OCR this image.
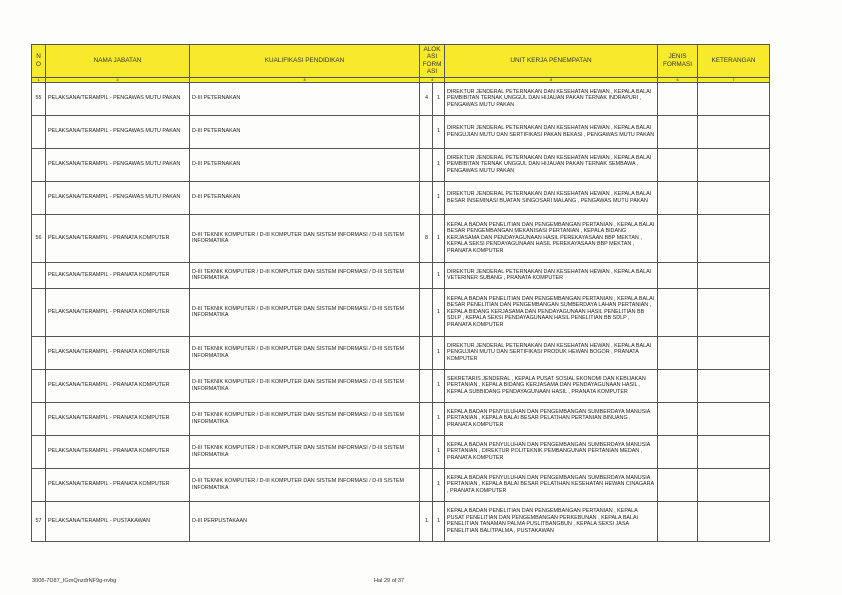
NO	NAMA JABATAN	KUALIFIKASI PENDIDIKAN	ALOKASI FORMASI		UNIT KERJA PENEMPATAN	JENIS FORMASI	KETERANGAN
1	2	3	4		5	6	7
55	PELAKSANA/TERAMPIL - PENGAWAS MUTU PAKAN	D-III PETERNAKAN	4	1	DIREKTUR JENDERAL PETERNAKAN DAN KESEHATAN HEWAN , KEPALA BALAI PEMBIBITAN TERNAK UNGGUL DAN HIJAUAN PAKAN TERNAK INDRAPURI , PENGAWAS MUTU PAKAN		
	PELAKSANA/TERAMPIL - PENGAWAS MUTU PAKAN	D-III PETERNAKAN		1	DIREKTUR JENDERAL PETERNAKAN DAN KESEHATAN HEWAN , KEPALA BALAI PENGUJIAN MUTU DAN SERTIFIKASI PAKAN BEKASI , PENGAWAS MUTU PAKAN		
	PELAKSANA/TERAMPIL - PENGAWAS MUTU PAKAN	D-III PETERNAKAN		1	DIREKTUR JENDERAL PETERNAKAN DAN KESEHATAN HEWAN , KEPALA BALAI PEMBIBITAN TERNAK UNGGUL DAN HIJAUAN PAKAN TERNAK SEMBAWA , PENGAWAS MUTU PAKAN		
	PELAKSANA/TERAMPIL - PENGAWAS MUTU PAKAN	D-III PETERNAKAN		1	DIREKTUR JENDERAL PETERNAKAN DAN KESEHATAN HEWAN , KEPALA BALAI BESAR INSEMINASI BUATAN SINGOSARI MALANG , PENGAWAS MUTU PAKAN		
56	PELAKSANA/TERAMPIL - PRANATA KOMPUTER	D-III TEKNIK KOMPUTER / D-III KOMPUTER DAN SISTEM INFORMASI / D-III SISTEM INFORMATIKA	8	1	KEPALA BADAN PENELITIAN DAN PENGEMBANGAN PERTANIAN , KEPALA BALAI BESAR PENGEMBANGAN MEKANISASI PERTANIAN , KEPALA BIDANG KERJASAMA DAN PENDAYAGUNAAN HASIL PEREKAYASAAN BBP MEKTAN , KEPALA SEKSI PENDAYAGUNAAN HASIL PEREKAYASAAN BBP MEKTAN , PRANATA KOMPUTER		
	PELAKSANA/TERAMPIL - PRANATA KOMPUTER	D-III TEKNIK KOMPUTER / D-III KOMPUTER DAN SISTEM INFORMASI / D-III SISTEM INFORMATIKA		1	DIREKTUR JENDERAL PETERNAKAN DAN KESEHATAN HEWAN , KEPALA BALAI VETERINER SUBANG , PRANATA KOMPUTER		
	PELAKSANA/TERAMPIL - PRANATA KOMPUTER	D-III TEKNIK KOMPUTER / D-III KOMPUTER DAN SISTEM INFORMASI / D-III SISTEM INFORMATIKA		1	KEPALA BADAN PENELITIAN DAN PENGEMBANGAN PERTANIAN , KEPALA BALAI BESAR PENELITIAN DAN PENGEMBANGAN SUMBERDAYA LAHAN PERTANIAN , KEPALA BIDANG KERJASAMA DAN PENDAYAGUNAAN HASIL PENELITIAN BB SDLP , KEPALA SEKSI PENDAYAGUNAAN HASIL PENELITIAN BB SDLP , PRANATA KOMPUTER		
	PELAKSANA/TERAMPIL - PRANATA KOMPUTER	D-III TEKNIK KOMPUTER / D-III KOMPUTER DAN SISTEM INFORMASI / D-III SISTEM INFORMATIKA		1	DIREKTUR JENDERAL PETERNAKAN DAN KESEHATAN HEWAN , KEPALA BALAI PENGUJIAN MUTU DAN SERTIFIKASI PRODUK HEWAN BOGOR , PRANATA KOMPUTER		
	PELAKSANA/TERAMPIL - PRANATA KOMPUTER	D-III TEKNIK KOMPUTER / D-III KOMPUTER DAN SISTEM INFORMASI / D-III SISTEM INFORMATIKA		1	SEKRETARIS JENDERAL , KEPALA PUSAT SOSIAL EKONOMI DAN KEBIJAKAN PERTANIAN , KEPALA BIDANG KERJASAMA DAN PENDAYAGUNAAN HASIL , KEPALA SUBBIDANG PENDAYAGUNAAN HASIL , PRANATA KOMPUTER		
	PELAKSANA/TERAMPIL - PRANATA KOMPUTER	D-III TEKNIK KOMPUTER / D-III KOMPUTER DAN SISTEM INFORMASI / D-III SISTEM INFORMATIKA		1	KEPALA BADAN PENYULUHAN DAN PENGEMBANGAN SUMBERDAYA MANUSIA PERTANIAN , KEPALA BALAI BESAR PELATIHAN PERTANIAN BINUANG , PRANATA KOMPUTER		
	PELAKSANA/TERAMPIL - PRANATA KOMPUTER	D-III TEKNIK KOMPUTER / D-III KOMPUTER DAN SISTEM INFORMASI / D-III SISTEM INFORMATIKA		1	KEPALA BADAN PENYULUHAN DAN PENGEMBANGAN SUMBERDAYA MANUSIA PERTANIAN , DIREKTUR POLITEKNIK PEMBANGUNAN PERTANIAN MEDAN , PRANATA KOMPUTER		
	PELAKSANA/TERAMPIL - PRANATA KOMPUTER	D-III TEKNIK KOMPUTER / D-III KOMPUTER DAN SISTEM INFORMASI / D-III SISTEM INFORMATIKA		1	KEPALA BADAN PENYULUHAN DAN PENGEMBANGAN SUMBERDAYA MANUSIA PERTANIAN , KEPALA BALAI BESAR PELATIHAN KESEHATAN HEWAN CINAGARA , PRANATA KOMPUTER		
57	PELAKSANA/TERAMPIL - PUSTAKAWAN	D-III PERPUSTAKAAN	1	1	KEPALA BADAN PENELITIAN DAN PENGEMBANGAN PERTANIAN , KEPALA PUSAT PENELITIAN DAN PENGEMBANGAN PERKEBUNAN , KEPALA BALAI PENELITIAN TANAMAN PALMA PUSLITBANGBUN , KEPALA SEKSI JASA PENELITIAN BALITPALMA , PUSTAKAWAN		
3006-7D87_IGmQnzdrNF9g-nvbg	Hal 29 of 37
